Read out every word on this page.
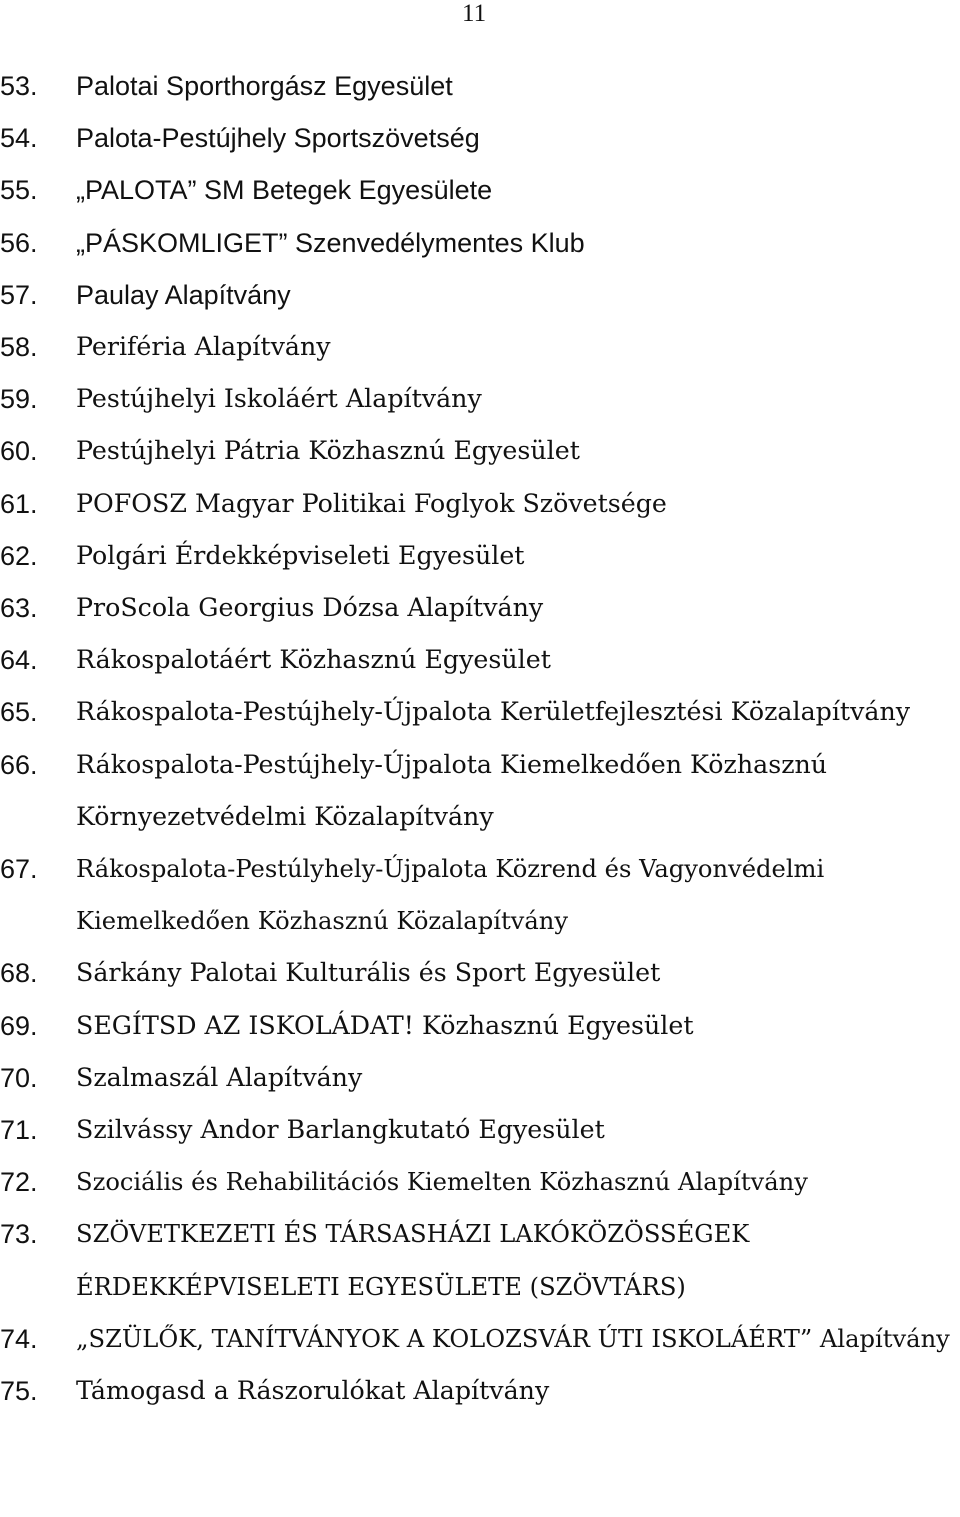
11
53.	Palotai Sporthorgász Egyesület
54.	Palota-Pestújhely Sportszövetség
55.	„PALOTA” SM Betegek Egyesülete
56.	„PÁSKOMLIGET” Szenvedélymentes Klub
57.	Paulay Alapítvány
58.	Periféria Alapítvány
59.	Pestújhelyi Iskoláért Alapítvány
60.	Pestújhelyi Pátria Közhasznú Egyesület
61.	POFOSZ Magyar Politikai Foglyok Szövetsége
62.	Polgári Érdekképviseleti Egyesület
63.	ProScola Georgius Dózsa Alapítvány
64.	Rákospalotáért Közhasznú Egyesület
65.	Rákospalota-Pestújhely-Újpalota Kerületfejlesztési Közalapítvány
66.	Rákospalota-Pestújhely-Újpalota Kiemelkedően Közhasznú Környezetvédelmi Közalapítvány
67.	Rákospalota-Pestúlyhely-Újpalota Közrend és Vagyonvédelmi Kiemelkedően Közhasznú Közalapítvány
68.	Sárkány Palotai Kulturális és Sport Egyesület
69.	SEGÍTSD AZ ISKOLÁDAT! Közhasznú Egyesület
70.	Szalmaszál Alapítvány
71.	Szilvássy Andor Barlangkutató Egyesület
72.	Szociális és Rehabilitációs Kiemelten Közhasznú Alapítvány
73.	SZÖVETKEZETI ÉS TÁRSASHÁZI LAKÓKÖZÖSSÉGEK ÉRDEKKÉPVISELETI EGYESÜLETE (SZÖVTÁRS)
74.	„SZÜLŐK, TANÍTVÁNYOK A KOLOZSVÁR ÚTI ISKOLÁÉRT” Alapítvány
75.	Támogasd a Rászorulókat Alapítvány
